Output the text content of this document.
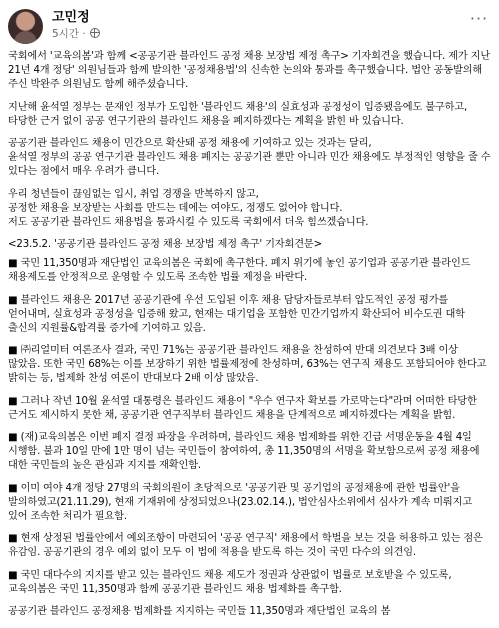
고민정
5시간 ·
···

국회에서 '교육의봄'과 함께 <공공기관 블라인드 공정 채용 보장법 제정 촉구> 기자회견을 했습니다. 제가 지난 21년 4개 정당' 의원님들과 함께 발의한 '공정채용법'의 신속한 논의와 통과를 촉구했습니다. 법안 공동발의해 주신 박완주 의원님도 함께 해주셨습니다.

지난해 윤석열 정부는 문재인 정부가 도입한 '블라인드 채용'의 실효성과 공정성이 입증됐음에도 불구하고, 타당한 근거 없이 공공 연구기관의 블라인드 채용을 폐지하겠다는 계획을 밝힌 바 있습니다.

공공기관 블라인드 채용이 민간으로 확산돼 공정 채용에 기여하고 있는 것과는 달리,
윤석열 정부의 공공 연구기관 블라인드 채용 폐지는 공공기관 뿐만 아니라 민간 채용에도 부정적인 영향을 줄 수 있다는 점에서 매우 우려가 큽니다.

우리 청년들이 끊임없는 입시, 취업 경쟁을 반복하지 않고,
공정한 채용을 보장받는 사회를 만드는 데에는 여야도, 정쟁도 없어야 합니다.
저도 공공기관 블라인드 채용법을 통과시킬 수 있도록 국회에서 더욱 힘쓰겠습니다.

<23.5.2. '공공기관 블라인드 공정 채용 보장법 제정 촉구' 기자회견문>

■ 국민 11,350명과 재단법인 교육의봄은 국회에 촉구한다. 폐지 위기에 놓인 공기업과 공공기관 블라인드 채용제도를 안정적으로 운영할 수 있도록 조속한 법률 제정을 바란다.

■ 블라인드 채용은 2017년 공공기관에 우선 도입된 이후 채용 담당자들로부터 압도적인 공정 평가를 얻어내며, 실효성과 공정성을 입증해 왔고, 현재는 대기업을 포함한 민간기업까지 확산되어 비수도권 대학 출신의 지원률&합격률 증가에 기여하고 있음.

■ ㈜리얼미터 여론조사 결과, 국민 71%는 공공기관 블라인드 채용을 찬성하여 반대 의견보다 3배 이상 많았음. 또한 국민 68%는 이를 보장하기 위한 법률제정에 찬성하며, 63%는 연구직 채용도 포함되어야 한다고 밝히는 등, 법제화 찬성 여론이 반대보다 2배 이상 많았음.

■ 그러나 작년 10월 윤석열 대통령은 블라인드 채용이 "우수 연구자 확보를 가로막는다"라며 어떠한 타당한 근거도 제시하지 못한 채, 공공기관 연구직부터 블라인드 채용을 단계적으로 폐지하겠다는 계획을 밝힘.

■ (재)교육의봄은 이번 폐지 결정 파장을 우려하며, 블라인드 채용 법제화를 위한 긴급 서명운동을 4월 4일 시행함. 불과 10일 만에 1만 명이 넘는 국민들이 참여하여, 총 11,350명의 서명을 확보함으로써 공정 채용에 대한 국민들의 높은 관심과 지지를 재확인함.

■ 이미 여야 4개 정당 27명의 국회의원이 초당적으로 '공공기관 및 공기업의 공정채용에 관한 법률안'을 발의하였고(21.11.29), 현재 기재위에 상정되었으나(23.02.14.), 법안심사소위에서 심사가 계속 미뤄지고 있어 조속한 처리가 필요함.

■ 현재 상정된 법률안에서 예외조항이 마련되어 '공공 연구직' 채용에서 학벌을 보는 것을 허용하고 있는 점은 유감임. 공공기관의 경우 예외 없이 모두 이 법에 적용을 받도록 하는 것이 국민 다수의 의견임.

■ 국민 대다수의 지지를 받고 있는 블라인드 채용 제도가 정권과 상관없이 법률로 보호받을 수 있도록, 교육의봄은 국민 11,350명과 함께 공공기관 블라인드 채용 법제화를 촉구함.

공공기관 블라인드 공정채용 법제화를 지지하는 국민들 11,350명과 재단법인 교육의 봄
